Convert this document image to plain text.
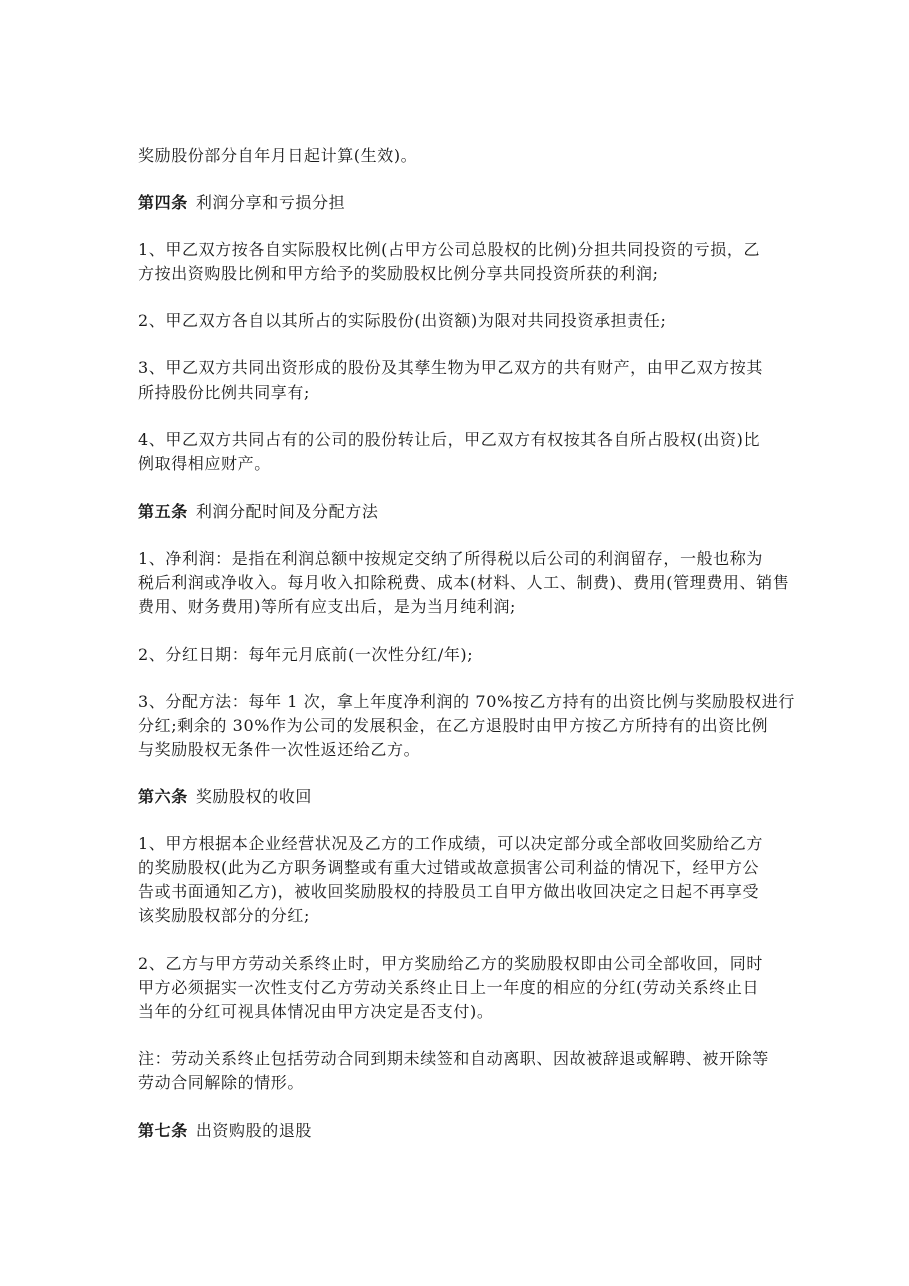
奖励股份部分自年月日起计算(生效)。
第四条 利润分享和亏损分担
1、甲乙双方按各自实际股权比例(占甲方公司总股权的比例)分担共同投资的亏损，乙
方按出资购股比例和甲方给予的奖励股权比例分享共同投资所获的利润;
2、甲乙双方各自以其所占的实际股份(出资额)为限对共同投资承担责任;
3、甲乙双方共同出资形成的股份及其孳生物为甲乙双方的共有财产，由甲乙双方按其
所持股份比例共同享有;
4、甲乙双方共同占有的公司的股份转让后，甲乙双方有权按其各自所占股权(出资)比
例取得相应财产。
第五条 利润分配时间及分配方法
1、净利润：是指在利润总额中按规定交纳了所得税以后公司的利润留存，一般也称为
税后利润或净收入。每月收入扣除税费、成本(材料、人工、制费)、费用(管理费用、销售
费用、财务费用)等所有应支出后，是为当月纯利润;
2、分红日期：每年元月底前(一次性分红/年);
3、分配方法：每年 1 次，拿上年度净利润的 70%按乙方持有的出资比例与奖励股权进行
分红;剩余的 30%作为公司的发展积金，在乙方退股时由甲方按乙方所持有的出资比例
与奖励股权无条件一次性返还给乙方。
第六条 奖励股权的收回
1、甲方根据本企业经营状况及乙方的工作成绩，可以决定部分或全部收回奖励给乙方
的奖励股权(此为乙方职务调整或有重大过错或故意损害公司利益的情况下，经甲方公
告或书面通知乙方)，被收回奖励股权的持股员工自甲方做出收回决定之日起不再享受
该奖励股权部分的分红;
2、乙方与甲方劳动关系终止时，甲方奖励给乙方的奖励股权即由公司全部收回，同时
甲方必须据实一次性支付乙方劳动关系终止日上一年度的相应的分红(劳动关系终止日
当年的分红可视具体情况由甲方决定是否支付)。
注：劳动关系终止包括劳动合同到期未续签和自动离职、因故被辞退或解聘、被开除等
劳动合同解除的情形。
第七条 出资购股的退股
